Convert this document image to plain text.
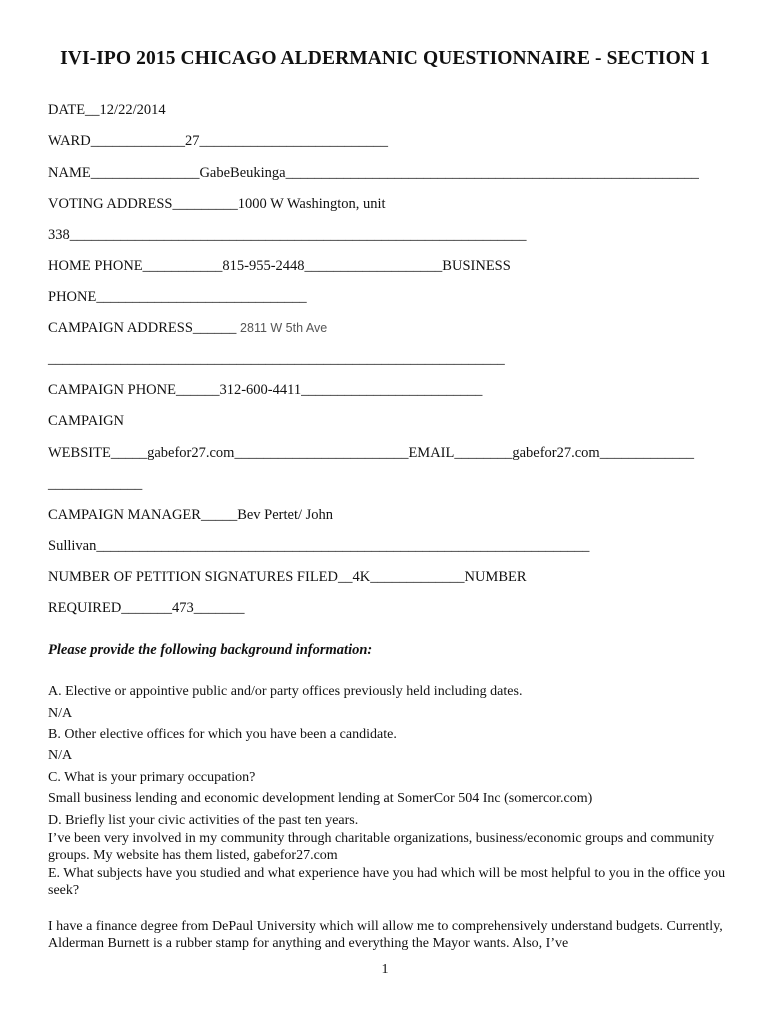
IVI-IPO 2015 CHICAGO ALDERMANIC QUESTIONNAIRE - SECTION 1
DATE__12/22/2014
WARD_____________27__________________________
NAME_______________GabeBeukinga_________________________________________________________
VOTING ADDRESS_________1000 W Washington, unit
338_______________________________________________________________
HOME PHONE___________815-955-2448___________________BUSINESS
PHONE_____________________________
CAMPAIGN ADDRESS______ 2811 W 5th Ave
_______________________________________________________________
CAMPAIGN PHONE______312-600-4411_________________________
CAMPAIGN
WEBSITE_____gabefor27.com________________________EMAIL________gabefor27.com_____________
_____________
CAMPAIGN MANAGER_____Bev Pertet/ John
Sullivan____________________________________________________________________
NUMBER OF PETITION SIGNATURES FILED__4K_____________NUMBER
REQUIRED_______473_______
Please provide the following background information:
A. Elective or appointive public and/or party offices previously held including dates.
N/A
B. Other elective offices for which you have been a candidate.
N/A
C. What is your primary occupation?
Small business lending and economic development lending at SomerCor 504 Inc (somercor.com)
D. Briefly list your civic activities of the past ten years.
I’ve been very involved in my community through charitable organizations, business/economic groups and community groups. My website has them listed, gabefor27.com
E. What subjects have you studied and what experience have you had which will be most helpful to you in the office you seek?
I have a finance degree from DePaul University which will allow me to comprehensively understand budgets. Currently, Alderman Burnett is a rubber stamp for anything and everything the Mayor wants. Also, I’ve
1
